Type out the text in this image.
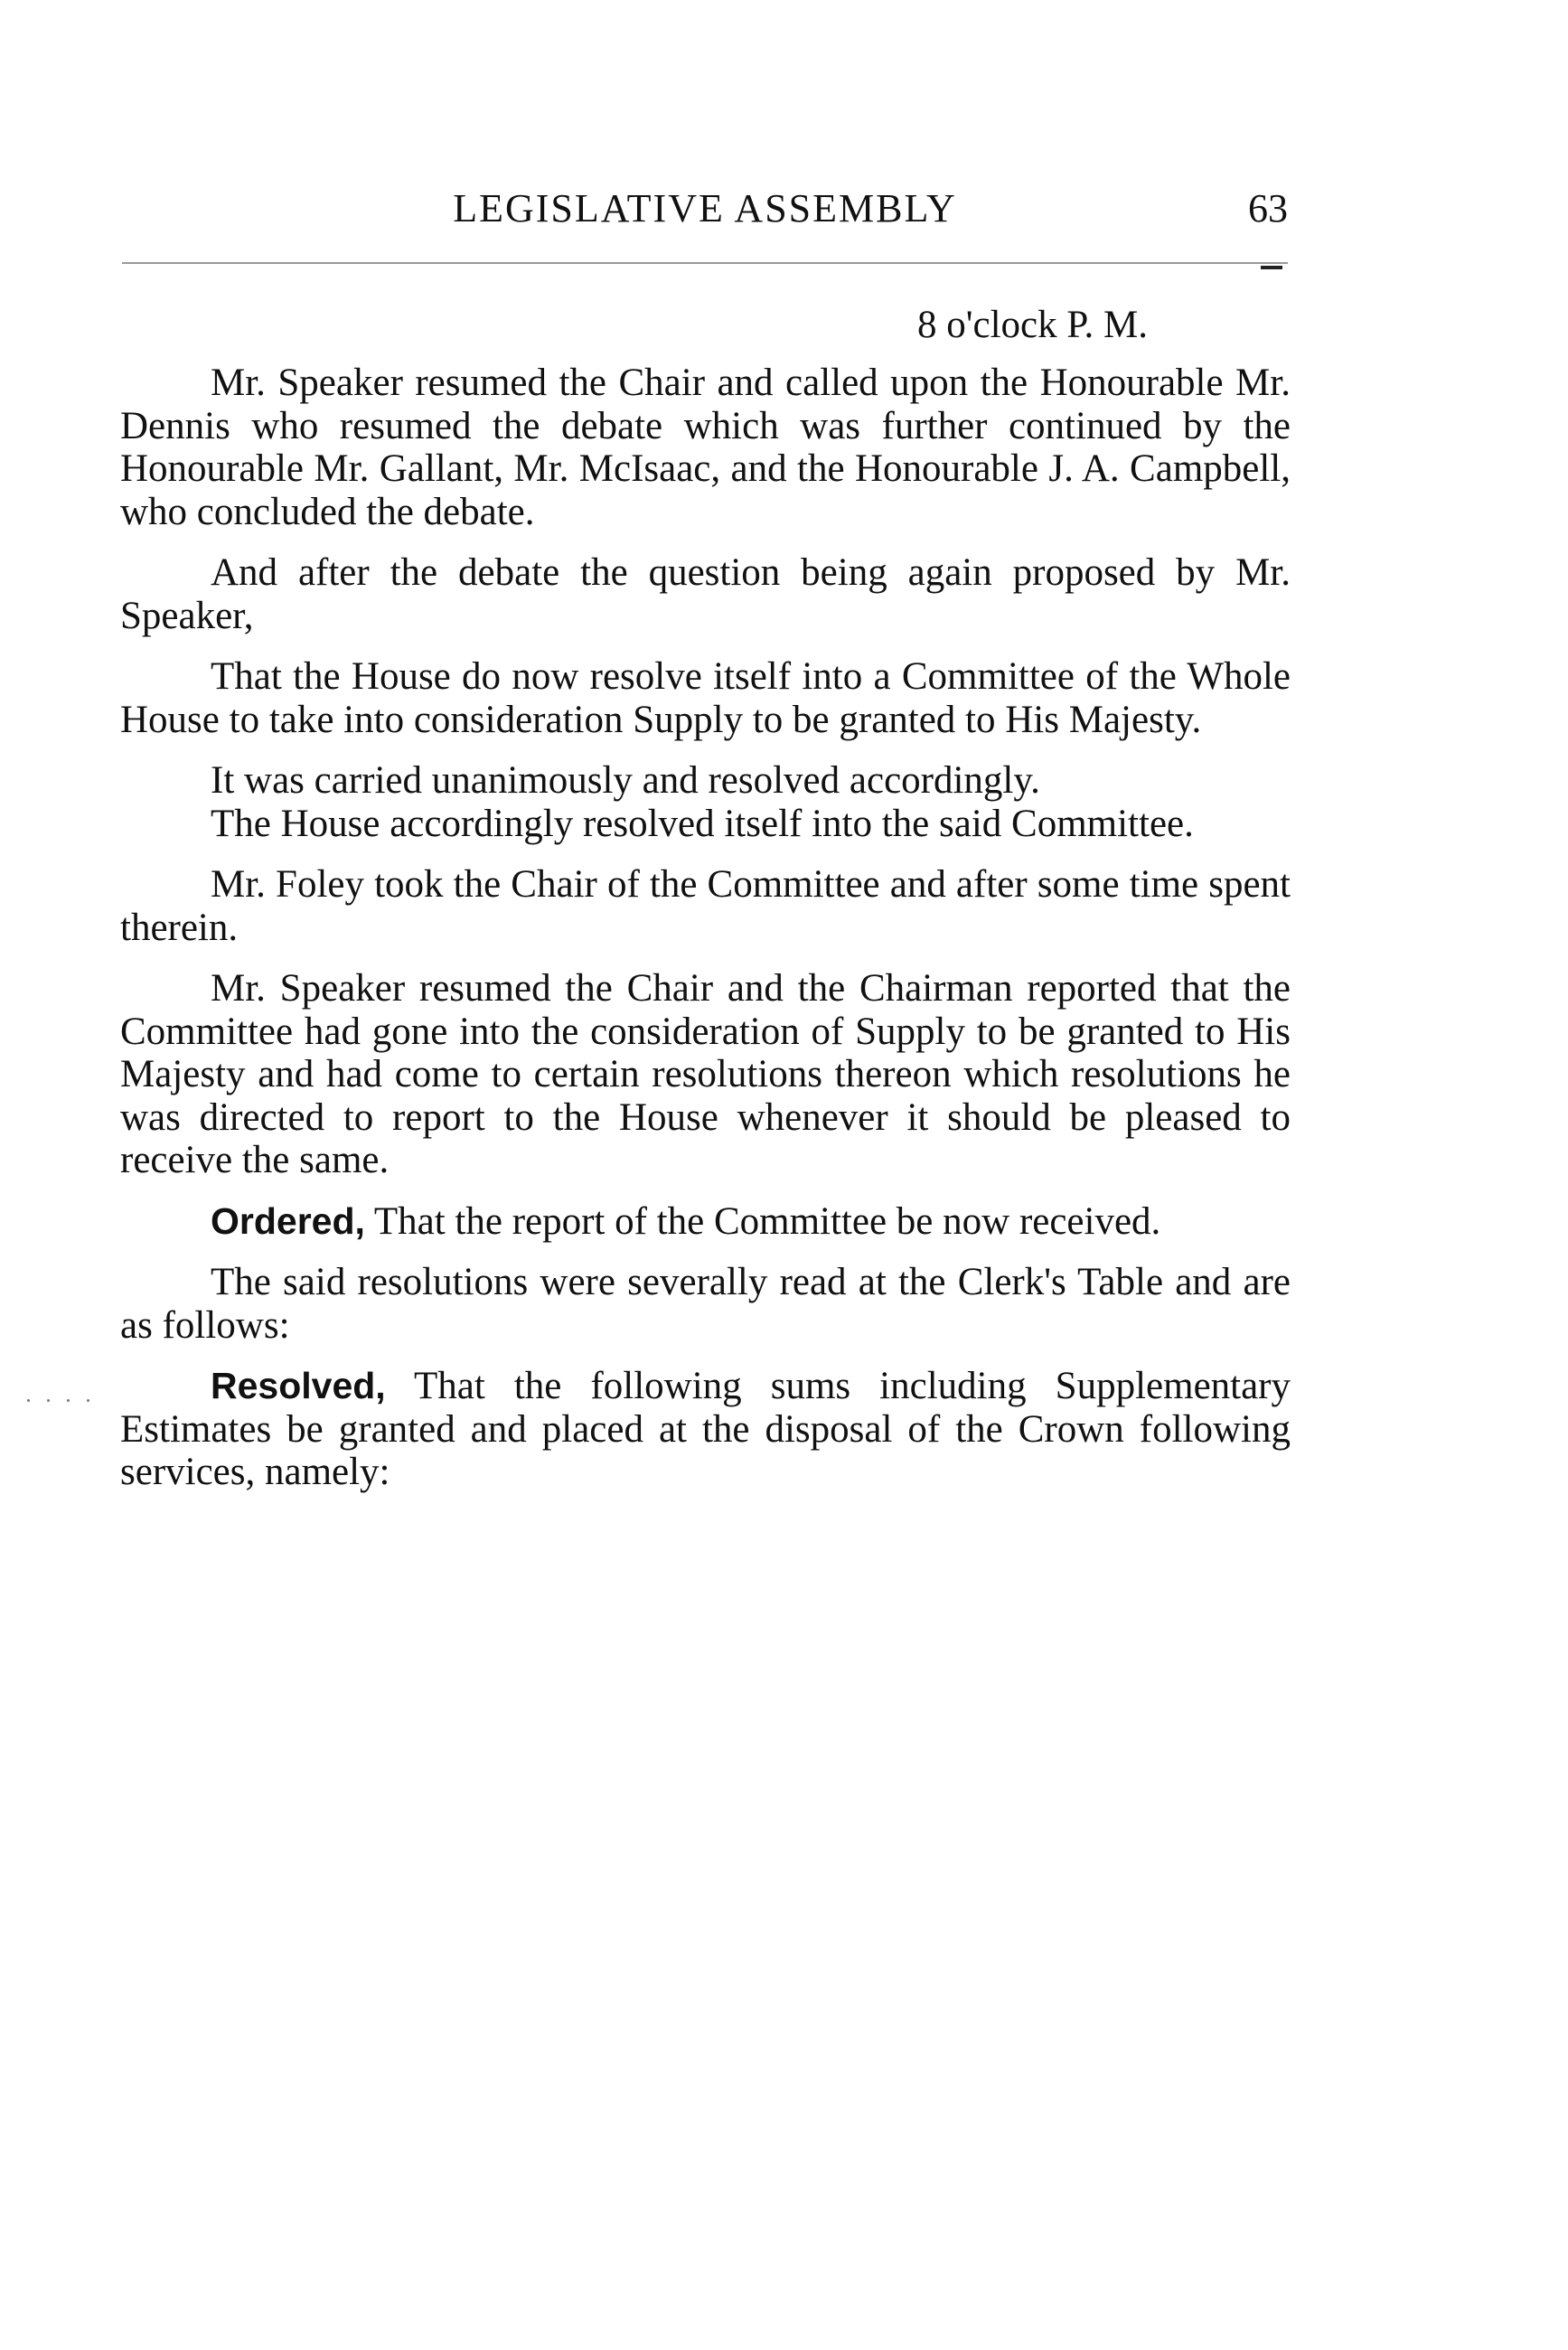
LEGISLATIVE ASSEMBLY	63
8 o'clock P. M.

Mr. Speaker resumed the Chair and called upon the Honourable Mr. Dennis who resumed the debate which was further continued by the Honourable Mr. Gallant, Mr. McIsaac, and the Honourable J. A. Campbell, who concluded the debate.

And after the debate the question being again proposed by Mr. Speaker,

That the House do now resolve itself into a Committee of the Whole House to take into consideration Supply to be granted to His Majesty.

It was carried unanimously and resolved accordingly.

The House accordingly resolved itself into the said Committee.

Mr. Foley took the Chair of the Committee and after some time spent therein.

Mr. Speaker resumed the Chair and the Chairman reported that the Committee had gone into the consideration of Supply to be granted to His Majesty and had come to certain resolutions thereon which resolutions he was directed to report to the House whenever it should be pleased to receive the same.

Ordered, That the report of the Committee be now received.

The said resolutions were severally read at the Clerk's Table and are as follows:

Resolved, That the following sums including Supplementary Estimates be granted and placed at the disposal of the Crown following services, namely:
